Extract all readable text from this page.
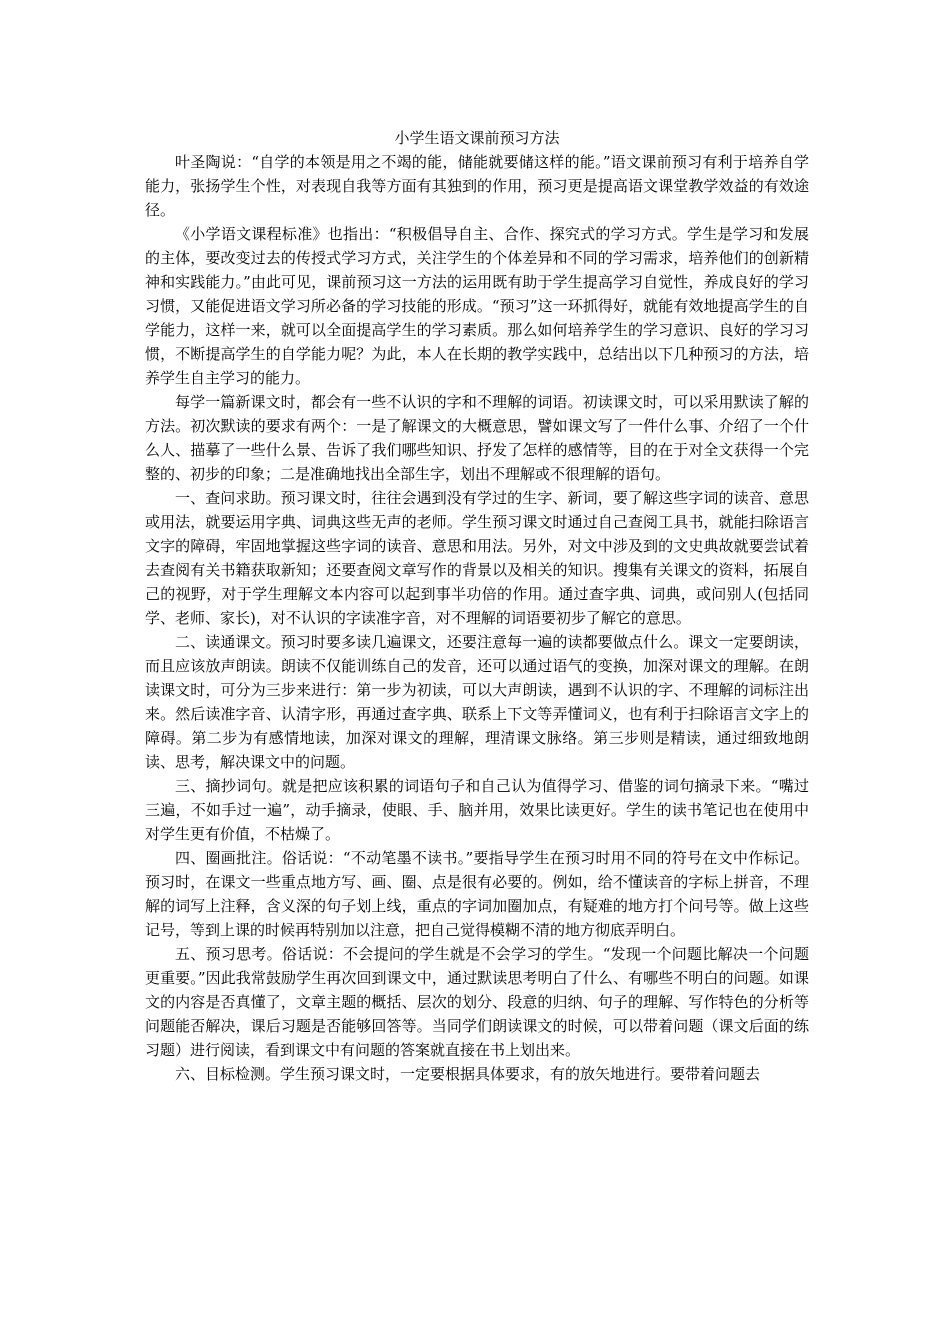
小学生语文课前预习方法

叶圣陶说：“自学的本领是用之不竭的能，储能就要储这样的能。”语文课前预习有利于培养自学能力，张扬学生个性，对表现自我等方面有其独到的作用，预习更是提高语文课堂教学效益的有效途径。

《小学语文课程标准》也指出：“积极倡导自主、合作、探究式的学习方式。学生是学习和发展的主体，要改变过去的传授式学习方式，关注学生的个体差异和不同的学习需求，培养他们的创新精神和实践能力。”由此可见，课前预习这一方法的运用既有助于学生提高学习自觉性，养成良好的学习习惯，又能促进语文学习所必备的学习技能的形成。“预习”这一环抓得好，就能有效地提高学生的自学能力，这样一来，就可以全面提高学生的学习素质。那么如何培养学生的学习意识、良好的学习习惯，不断提高学生的自学能力呢？为此，本人在长期的教学实践中，总结出以下几种预习的方法，培养学生自主学习的能力。

每学一篇新课文时，都会有一些不认识的字和不理解的词语。初读课文时，可以采用默读了解的方法。初次默读的要求有两个：一是了解课文的大概意思，譬如课文写了一件什么事、介绍了一个什么人、描摹了一些什么景、告诉了我们哪些知识、抒发了怎样的感情等，目的在于对全文获得一个完整的、初步的印象；二是准确地找出全部生字，划出不理解或不很理解的语句。

一、查问求助。预习课文时，往往会遇到没有学过的生字、新词，要了解这些字词的读音、意思或用法，就要运用字典、词典这些无声的老师。学生预习课文时通过自己查阅工具书，就能扫除语言文字的障碍，牢固地掌握这些字词的读音、意思和用法。另外，对文中涉及到的文史典故就要尝试着去查阅有关书籍获取新知；还要查阅文章写作的背景以及相关的知识。搜集有关课文的资料，拓展自己的视野，对于学生理解文本内容可以起到事半功倍的作用。通过查字典、词典，或问别人(包括同学、老师、家长)，对不认识的字读准字音，对不理解的词语要初步了解它的意思。

二、读通课文。预习时要多读几遍课文，还要注意每一遍的读都要做点什么。课文一定要朗读，而且应该放声朗读。朗读不仅能训练自己的发音，还可以通过语气的变换，加深对课文的理解。在朗读课文时，可分为三步来进行：第一步为初读，可以大声朗读，遇到不认识的字、不理解的词标注出来。然后读准字音、认清字形，再通过查字典、联系上下文等弄懂词义，也有利于扫除语言文字上的障碍。第二步为有感情地读，加深对课文的理解，理清课文脉络。第三步则是精读，通过细致地朗读、思考，解决课文中的问题。

三、摘抄词句。就是把应该积累的词语句子和自己认为值得学习、借鉴的词句摘录下来。“嘴过三遍，不如手过一遍”，动手摘录，使眼、手、脑并用，效果比读更好。学生的读书笔记也在使用中对学生更有价值，不枯燥了。

四、圈画批注。俗话说：“不动笔墨不读书。”要指导学生在预习时用不同的符号在文中作标记。预习时，在课文一些重点地方写、画、圈、点是很有必要的。例如，给不懂读音的字标上拼音，不理解的词写上注释，含义深的句子划上线，重点的字词加圈加点，有疑难的地方打个问号等。做上这些记号，等到上课的时候再特别加以注意，把自己觉得模糊不清的地方彻底弄明白。

五、预习思考。俗话说：不会提问的学生就是不会学习的学生。“发现一个问题比解决一个问题更重要。”因此我常鼓励学生再次回到课文中，通过默读思考明白了什么、有哪些不明白的问题。如课文的内容是否真懂了，文章主题的概括、层次的划分、段意的归纳、句子的理解、写作特色的分析等问题能否解决，课后习题是否能够回答等。当同学们朗读课文的时候，可以带着问题（课文后面的练习题）进行阅读，看到课文中有问题的答案就直接在书上划出来。

六、目标检测。学生预习课文时，一定要根据具体要求，有的放矢地进行。要带着问题去
